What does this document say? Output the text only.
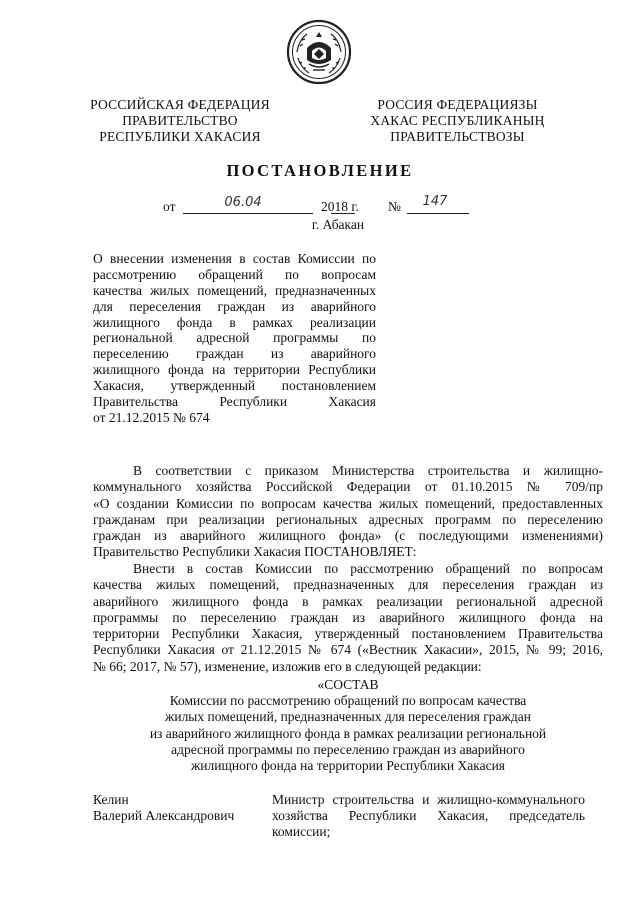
РОССИЙСКАЯ ФЕДЕРАЦИЯ
ПРАВИТЕЛЬСТВО
РЕСПУБЛИКИ ХАКАСИЯ
РОССИЯ ФЕДЕРАЦИЯЗЫ
ХАКАС РЕСПУБЛИКАНЫҢ
ПРАВИТЕЛЬСТВОЗЫ
ПОСТАНОВЛЕНИЕ
от	06.04	2018 г. №	147
г. Абакан
О внесении изменения в состав Комиссии по
рассмотрению обращений по вопросам
качества жилых помещений, предназначенных
для переселения граждан из аварийного
жилищного фонда в рамках реализации
региональной адресной программы по
переселению граждан из аварийного
жилищного фонда на территории Республики
Хакасия, утвержденный постановлением
Правительства Республики Хакасия
от 21.12.2015 № 674
В соответствии с приказом Министерства строительства и жилищно-
коммунального хозяйства Российской Федерации от 01.10.2015 № 709/пр
«О создании Комиссии по вопросам качества жилых помещений, предоставленных
гражданам при реализации региональных адресных программ по переселению
граждан из аварийного жилищного фонда» (с последующими изменениями)
Правительство Республики Хакасия ПОСТАНОВЛЯЕТ:
Внести в состав Комиссии по рассмотрению обращений по вопросам
качества жилых помещений, предназначенных для переселения граждан из
аварийного жилищного фонда в рамках реализации региональной адресной
программы по переселению граждан из аварийного жилищного фонда на
территории Республики Хакасия, утвержденный постановлением Правительства
Республики Хакасия от 21.12.2015 № 674 («Вестник Хакасии», 2015, № 99; 2016,
№ 66; 2017, № 57), изменение, изложив его в следующей редакции:
«СОСТАВ
Комиссии по рассмотрению обращений по вопросам качества
жилых помещений, предназначенных для переселения граждан
из аварийного жилищного фонда в рамках реализации региональной
адресной программы по переселению граждан из аварийного
жилищного фонда на территории Республики Хакасия
Келин
Валерий Александрович
Министр строительства и жилищно-коммунального
хозяйства Республики Хакасия, председатель
комиссии;
